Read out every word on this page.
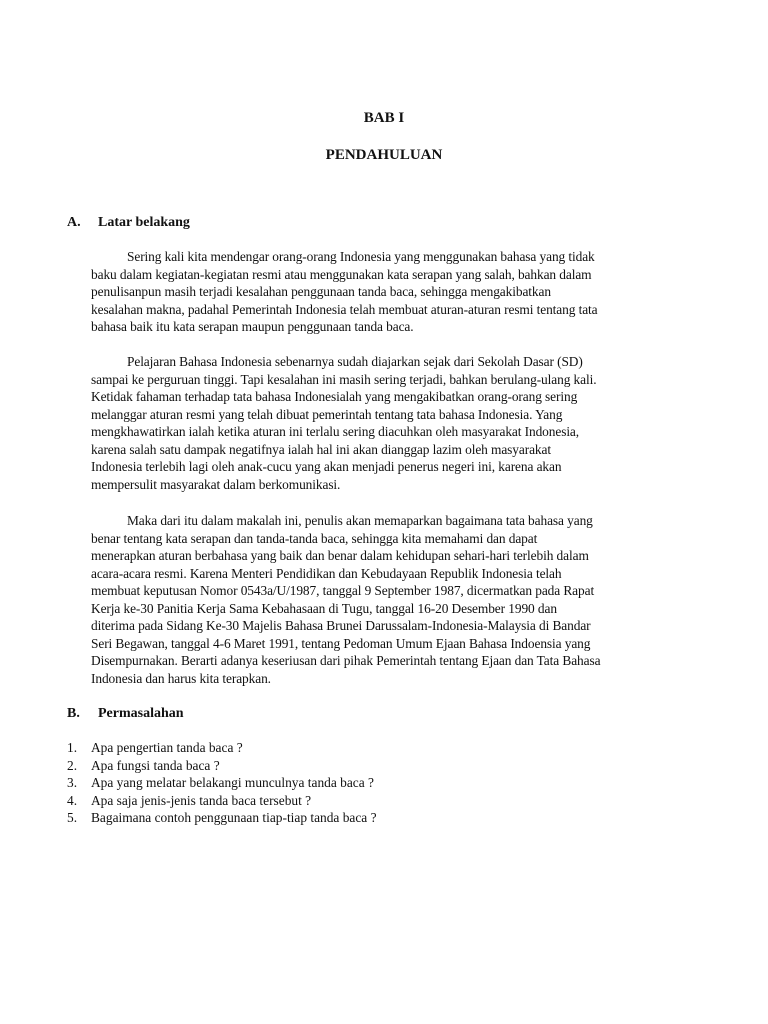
BAB I
PENDAHULUAN
A. Latar belakang

Sering kali kita mendengar orang-orang Indonesia yang menggunakan bahasa yang tidak
baku dalam kegiatan-kegiatan resmi atau menggunakan kata serapan yang salah, bahkan dalam
penulisanpun masih terjadi kesalahan penggunaan tanda baca, sehingga mengakibatkan
kesalahan makna, padahal Pemerintah Indonesia telah membuat aturan-aturan resmi tentang tata
bahasa baik itu kata serapan maupun penggunaan tanda baca.

Pelajaran Bahasa Indonesia sebenarnya sudah diajarkan sejak dari Sekolah Dasar (SD)
sampai ke perguruan tinggi. Tapi kesalahan ini masih sering terjadi, bahkan berulang-ulang kali.
Ketidak fahaman terhadap tata bahasa Indonesialah yang mengakibatkan orang-orang sering
melanggar aturan resmi yang telah dibuat pemerintah tentang tata bahasa Indonesia. Yang
mengkhawatirkan ialah ketika aturan ini terlalu sering diacuhkan oleh masyarakat Indonesia,
karena salah satu dampak negatifnya ialah hal ini akan dianggap lazim oleh masyarakat
Indonesia terlebih lagi oleh anak-cucu yang akan menjadi penerus negeri ini, karena akan
mempersulit masyarakat dalam berkomunikasi.

Maka dari itu dalam makalah ini, penulis akan memaparkan bagaimana tata bahasa yang
benar tentang kata serapan dan tanda-tanda baca, sehingga kita memahami dan dapat
menerapkan aturan berbahasa yang baik dan benar dalam kehidupan sehari-hari terlebih dalam
acara-acara resmi. Karena Menteri Pendidikan dan Kebudayaan Republik Indonesia telah
membuat keputusan Nomor 0543a/U/1987, tanggal 9 September 1987, dicermatkan pada Rapat
Kerja ke-30 Panitia Kerja Sama Kebahasaan di Tugu, tanggal 16-20 Desember 1990 dan
diterima pada Sidang Ke-30 Majelis Bahasa Brunei Darussalam-Indonesia-Malaysia di Bandar
Seri Begawan, tanggal 4-6 Maret 1991, tentang Pedoman Umum Ejaan Bahasa Indoensia yang
Disempurnakan. Berarti adanya keseriusan dari pihak Pemerintah tentang Ejaan dan Tata Bahasa
Indonesia dan harus kita terapkan.

B. Permasalahan
1. Apa pengertian tanda baca ?
2. Apa fungsi tanda baca ?
3. Apa yang melatar belakangi munculnya tanda baca ?
4. Apa saja jenis-jenis tanda baca tersebut ?
5. Bagaimana contoh penggunaan tiap-tiap tanda baca ?
